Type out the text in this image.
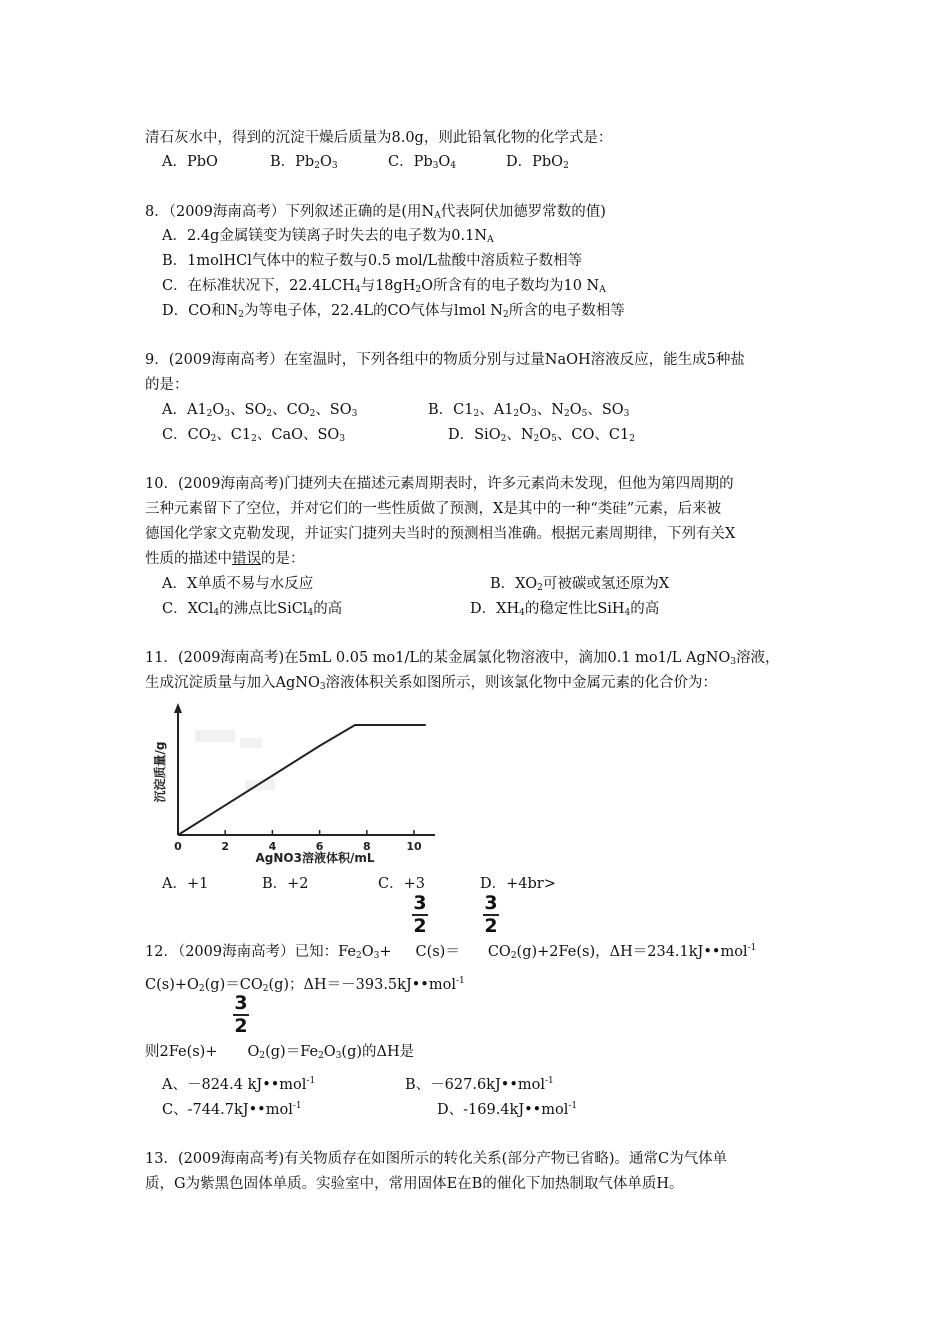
清石灰水中，得到的沉淀干燥后质量为8.0g，则此铅氧化物的化学式是：
A．PbO	B．$Pb_2O_3$	C．$Pb_3O_4$	D．PbO$_2$
8．（2009海南高考）下列叙述正确的是(用$N_A$代表阿伏加德罗常数的值)
A．2.4g金属镁变为镁离子时失去的电子数为$0.1N_A$
B．1molHCl气体中的粒子数与0.5 mol/L盐酸中溶质粒子数相等
C．在标准状况下，$22.4LCH_4$与$18gH_2O$所含有的电子数均为10 $N_A$
D．CO和$N_2$为等电子体，22.4L的CO气体与lmol $N_2$所含的电子数相等
9．(2009海南高考）在室温时，下列各组中的物质分别与过量NaOH溶液反应，能生成5种盐
的是：
A．$A1_2O_3$、$SO_2$、$CO_2$、$SO_3$	B．$C1_2$、$A1_2O_3$、$N_2O_5$、$SO_3$
C．$CO_2$、$C1_2$、CaO、$SO_3$	D．SiO$_2$、$N_2O_5$、CO、$C1_2$
10．(2009海南高考)门捷列夫在描述元素周期表时，许多元素尚未发现，但他为第四周期的
三种元素留下了空位，并对它们的一些性质做了预测，X是其中的一种“类硅”元素，后来被
德国化学家文克勒发现，并证实门捷列夫当时的预测相当准确。根据元素周期律，下列有关X
性质的描述中错误的是：
A．X单质不易与水反应	B．$XO_2$可被碳或氢还原为X
C．XCl$_4$的沸点比SiCl$_4$的高	D．$XH_4$的稳定性比SiH$_4$的高
11．(2009海南高考)在5mL 0.05 mo1/L的某金属氯化物溶液中，滴加0.1 mo1/L AgNO$_3$溶液，
生成沉淀质量与加入AgNO$_3$溶液体积关系如图所示，则该氯化物中金属元素的化合价为：
0	2	4	6	8	10
沉淀质量/g
AgNO3溶液体积/mL
A．+1	B．+2	C．+3	D．+4br>
3
2
3
2
12．（2009海南高考）已知：$Fe_2O_3+ C(s)= CO_2(g)+2Fe(s)$，ΔH＝234.1kJ••mol$^{-1}$
$C(s)+O_2(g)=CO_2(g)$；ΔH＝－393.5kJ••mol$^{-1}$
3
2
则$2Fe(s)+ O_2(g)=Fe_2O_3(g)$的ΔH是
A、－824.4 kJ••mol$^{-1}$	B、－627.6kJ••mol$^{-1}$
C、-744.7kJ••mol$^{-1}$	D、-169.4kJ••mol$^{-1}$
13．(2009海南高考)有关物质存在如图所示的转化关系(部分产物已省略)。通常C为气体单
质，G为紫黑色固体单质。实验室中，常用固体E在B的催化下加热制取气体单质H。
